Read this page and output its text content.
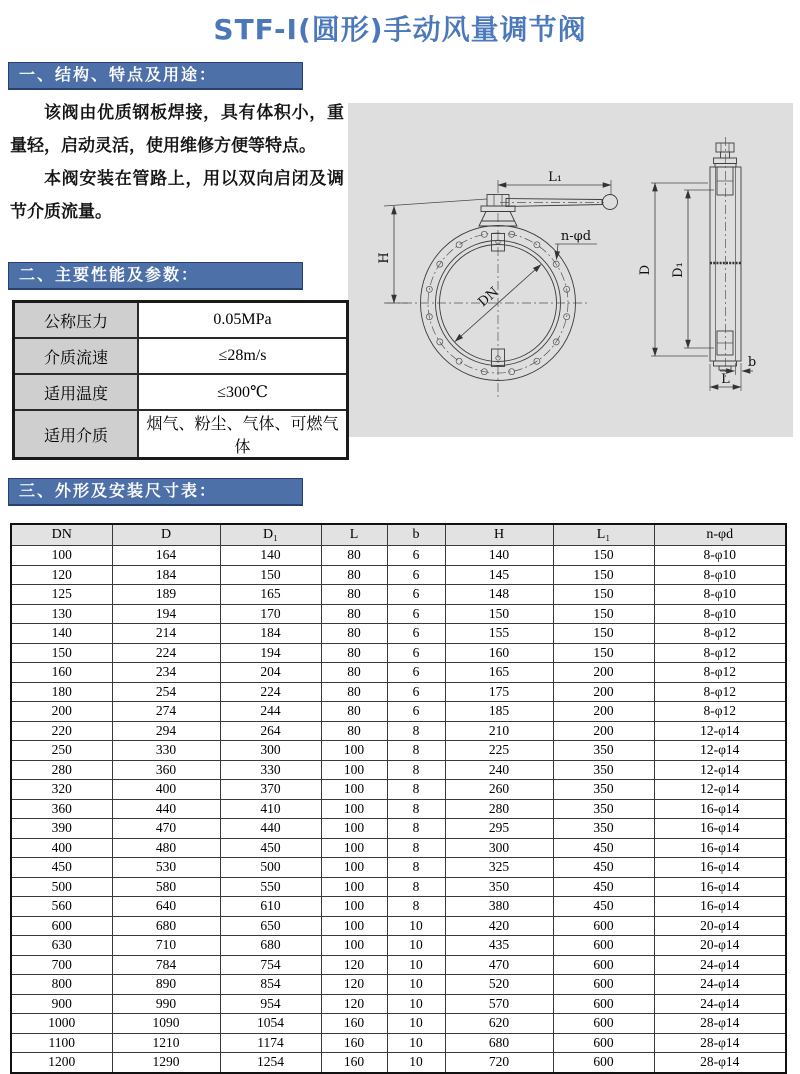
STF-Ⅰ(圆形)手动风量调节阀
一、结构、特点及用途：

该阀由优质钢板焊接，具有体积小，重量轻，启动灵活，使用维修方便等特点。

本阀安装在管路上，用以双向启闭及调节介质流量。

H
L₁
DN
n-φd
D D₁
b
L
二、主要性能及参数：
公称压力	0.05MPa
介质流速	≤28m/s
适用温度	≤300℃
适用介质	烟气、粉尘、气体、可燃气体
三、外形及安装尺寸表：
DN	D	D₁	L	b	H	L₁	n-φd
100	164	140	80	6	140	150	8-φ10
120	184	150	80	6	145	150	8-φ10
125	189	165	80	6	148	150	8-φ10
130	194	170	80	6	150	150	8-φ10
140	214	184	80	6	155	150	8-φ12
150	224	194	80	6	160	150	8-φ12
160	234	204	80	6	165	200	8-φ12
180	254	224	80	6	175	200	8-φ12
200	274	244	80	6	185	200	8-φ12
220	294	264	80	8	210	200	12-φ14
250	330	300	100	8	225	350	12-φ14
280	360	330	100	8	240	350	12-φ14
320	400	370	100	8	260	350	12-φ14
360	440	410	100	8	280	350	16-φ14
390	470	440	100	8	295	350	16-φ14
400	480	450	100	8	300	450	16-φ14
450	530	500	100	8	325	450	16-φ14
500	580	550	100	8	350	450	16-φ14
560	640	610	100	8	380	450	16-φ14
600	680	650	100	10	420	600	20-φ14
630	710	680	100	10	435	600	20-φ14
700	784	754	120	10	470	600	24-φ14
800	890	854	120	10	520	600	24-φ14
900	990	954	120	10	570	600	24-φ14
1000	1090	1054	160	10	620	600	28-φ14
1100	1210	1174	160	10	680	600	28-φ14
1200	1290	1254	160	10	720	600	28-φ14
